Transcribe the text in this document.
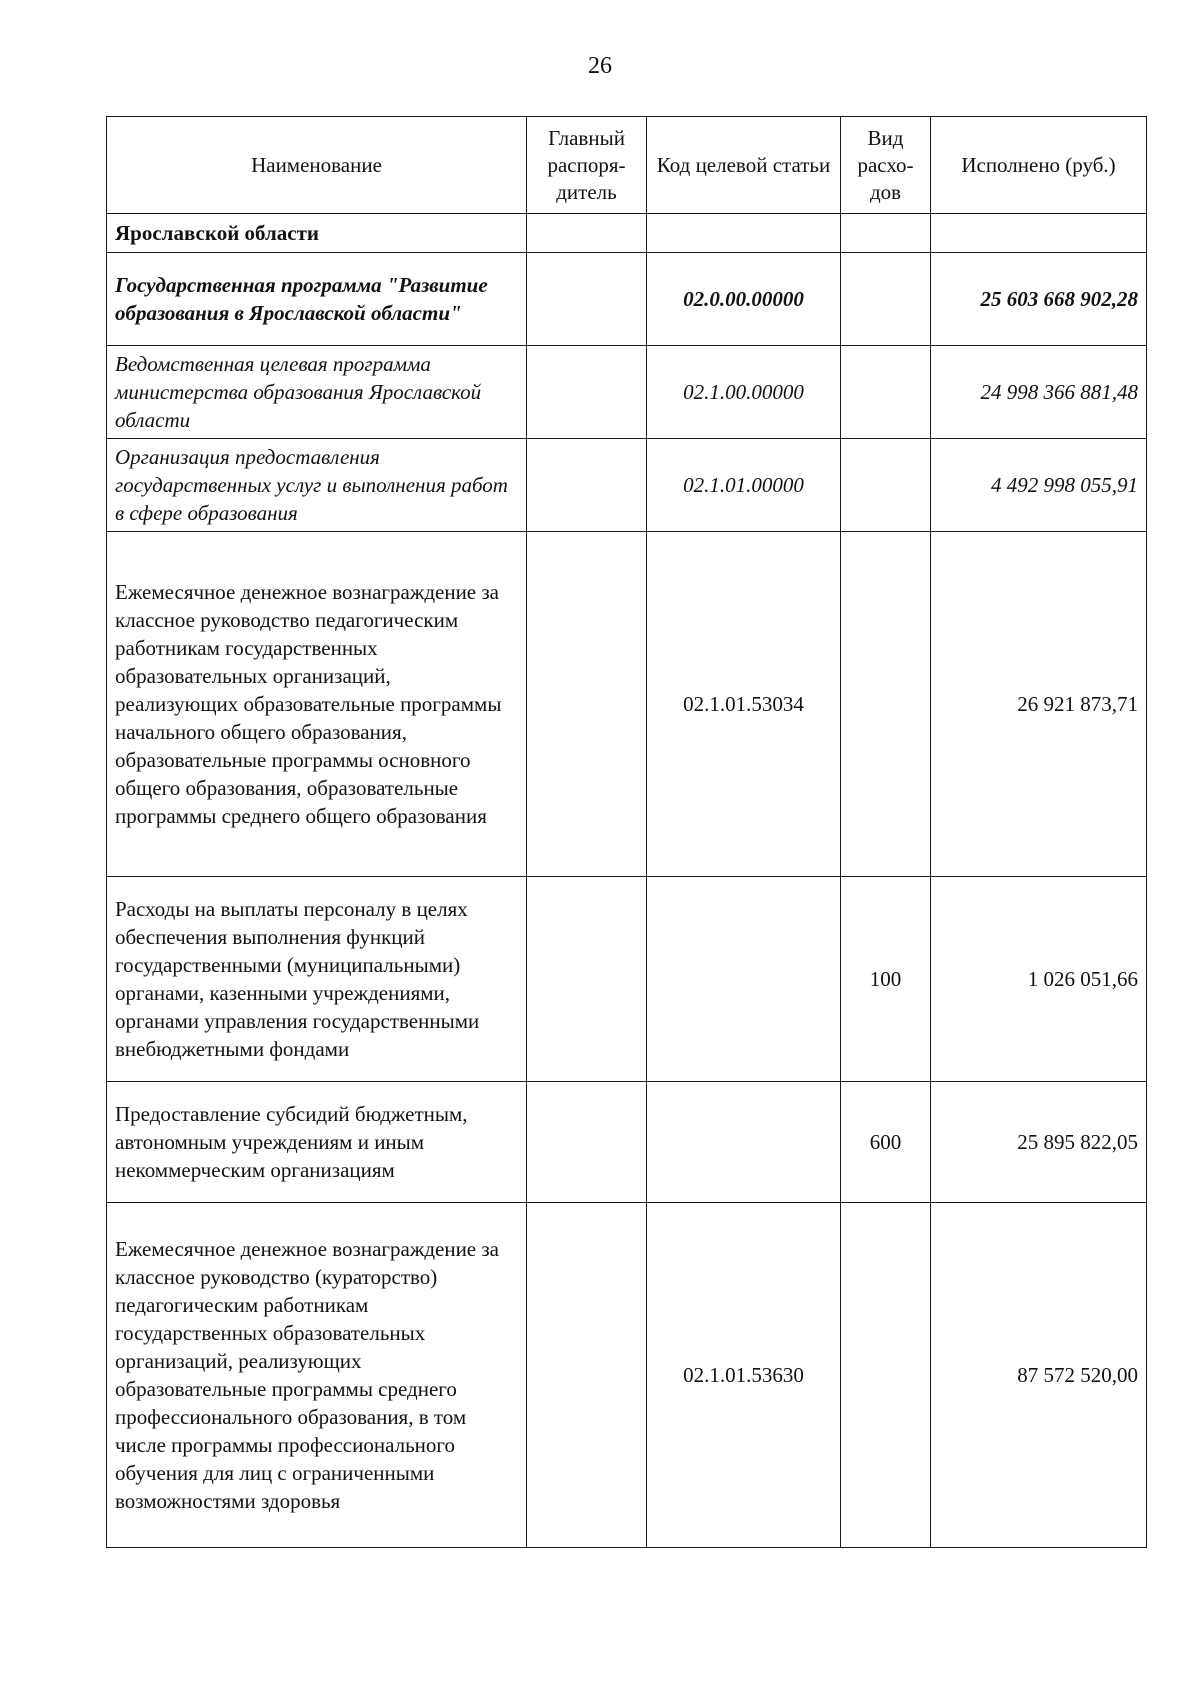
26
Наименование	Главный распоря-дитель	Код целевой статьи	Вид расхо-дов	Исполнено (руб.)
Ярославской области				
Государственная программа "Развитие образования в Ярославской области"		02.0.00.00000		25 603 668 902,28
Ведомственная целевая программа министерства образования Ярославской области		02.1.00.00000		24 998 366 881,48
Организация предоставления государственных услуг и выполнения работ в сфере образования		02.1.01.00000		4 492 998 055,91
Ежемесячное денежное вознаграждение за классное руководство педагогическим работникам государственных образовательных организаций, реализующих образовательные программы начального общего образования, образовательные программы основного общего образования, образовательные программы среднего общего образования		02.1.01.53034		26 921 873,71
Расходы на выплаты персоналу в целях обеспечения выполнения функций государственными (муниципальными) органами, казенными учреждениями, органами управления государственными внебюджетными фондами			100	1 026 051,66
Предоставление субсидий бюджетным, автономным учреждениям и иным некоммерческим организациям			600	25 895 822,05
Ежемесячное денежное вознаграждение за классное руководство (кураторство) педагогическим работникам государственных образовательных организаций, реализующих образовательные программы среднего профессионального образования, в том числе программы профессионального обучения для лиц с ограниченными возможностями здоровья		02.1.01.53630		87 572 520,00
